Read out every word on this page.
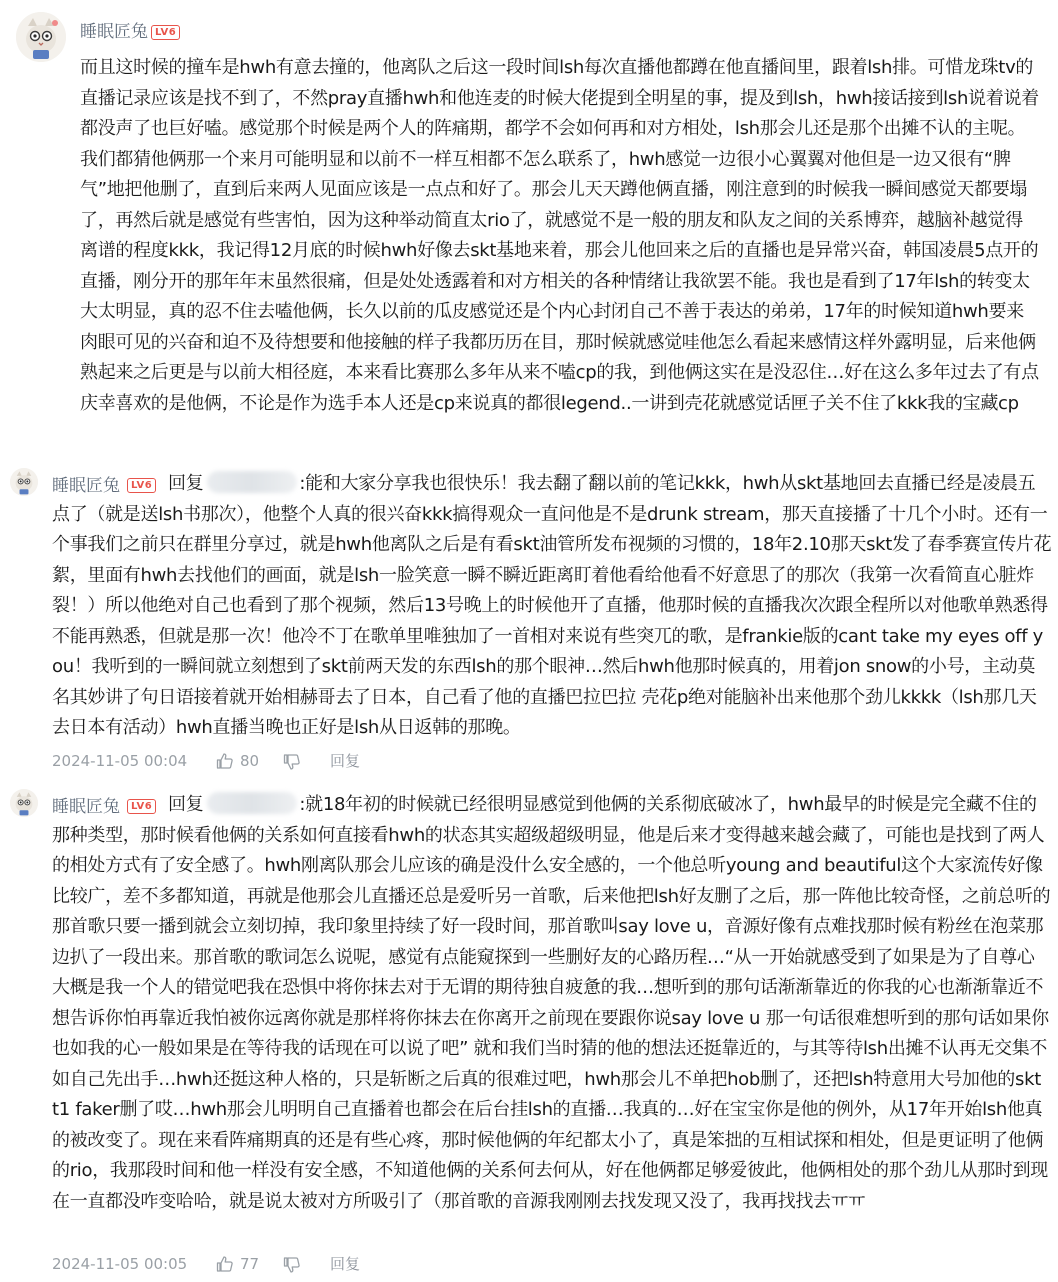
睡眠匠兔 LV6

而且这时候的撞车是hwh有意去撞的，他离队之后这一段时间lsh每次直播他都蹲在他直播间里，跟着lsh排。可惜龙珠tv的直播记录应该是找不到了，不然pray直播hwh和他连麦的时候大佬提到全明星的事，提及到lsh，hwh接话接到lsh说着说着都没声了也巨好嗑。感觉那个时候是两个人的阵痛期，都学不会如何再和对方相处，lsh那会儿还是那个出摊不认的主呢。我们都猜他俩那一个来月可能明显和以前不一样互相都不怎么联系了，hwh感觉一边很小心翼翼对他但是一边又很有“脾气”地把他删了，直到后来两人见面应该是一点点和好了。那会儿天天蹲他俩直播，刚注意到的时候我一瞬间感觉天都要塌了，再然后就是感觉有些害怕，因为这种举动简直太rio了，就感觉不是一般的朋友和队友之间的关系博弈，越脑补越觉得离谱的程度kkk，我记得12月底的时候hwh好像去skt基地来着，那会儿他回来之后的直播也是异常兴奋，韩国凌晨5点开的直播，刚分开的那年年末虽然很痛，但是处处透露着和对方相关的各种情绪让我欲罢不能。我也是看到了17年lsh的转变太大太明显，真的忍不住去嗑他俩，长久以前的瓜皮感觉还是个内心封闭自己不善于表达的弟弟，17年的时候知道hwh要来肉眼可见的兴奋和迫不及待想要和他接触的样子我都历历在目，那时候就感觉哇他怎么看起来感情这样外露明显，后来他俩熟起来之后更是与以前大相径庭，本来看比赛那么多年从来不嗑cp的我，到他俩这实在是没忍住…好在这么多年过去了有点庆幸喜欢的是他俩，不论是作为选手本人还是cp来说真的都很legend..一讲到壳花就感觉话匣子关不住了kkk我的宝藏cp

睡眠匠兔	LV6 回复	:能和大家分享我也很快乐！我去翻了翻以前的笔记kkk，hwh从skt基地回去直播已经是凌晨五点了（就是送lsh书那次），他整个人真的很兴奋kkk搞得观众一直问他是不是drunk stream，那天直接播了十几个小时。还有一个事我们之前只在群里分享过，就是hwh他离队之后是有看skt油管所发布视频的习惯的，18年2.10那天skt发了春季赛宣传片花絮，里面有hwh去找他们的画面，就是lsh一脸笑意一瞬不瞬近距离盯着他看给他看不好意思了的那次（我第一次看简直心脏炸裂！）所以他绝对自己也看到了那个视频，然后13号晚上的时候他开了直播，他那时候的直播我次次跟全程所以对他歌单熟悉得不能再熟悉，但就是那一次！他冷不丁在歌单里唯独加了一首相对来说有些突兀的歌，是frankie版的cant take my eyes off you！我听到的一瞬间就立刻想到了skt前两天发的东西lsh的那个眼神…然后hwh他那时候真的，用着jon snow的小号，主动莫名其妙讲了句日语接着就开始相赫哥去了日本，自己看了他的直播巴拉巴拉 壳花p绝对能脑补出来他那个劲儿kkkk（lsh那几天去日本有活动）hwh直播当晚也正好是lsh从日返韩的那晚。
2024-11-05 00:04	80	回复
睡眠匠兔	LV6 回复	:就18年初的时候就已经很明显感觉到他俩的关系彻底破冰了，hwh最早的时候是完全藏不住的那种类型，那时候看他俩的关系如何直接看hwh的状态其实超级超级明显，他是后来才变得越来越会藏了，可能也是找到了两人的相处方式有了安全感了。hwh刚离队那会儿应该的确是没什么安全感的，一个他总听young and beautiful这个大家流传好像比较广，差不多都知道，再就是他那会儿直播还总是爱听另一首歌，后来他把lsh好友删了之后，那一阵他比较奇怪，之前总听的那首歌只要一播到就会立刻切掉，我印象里持续了好一段时间，那首歌叫say love u，音源好像有点难找那时候有粉丝在泡菜那边扒了一段出来。那首歌的歌词怎么说呢，感觉有点能窥探到一些删好友的心路历程…“从一开始就感受到了如果是为了自尊心大概是我一个人的错觉吧我在恐惧中将你抹去对于无谓的期待独自疲惫的我…想听到的那句话渐渐靠近的你我的心也渐渐靠近不想告诉你怕再靠近我怕被你远离你就是那样将你抹去在你离开之前现在要跟你说say love u 那一句话很难想听到的那句话如果你也如我的心一般如果是在等待我的话现在可以说了吧” 就和我们当时猜的他的想法还挺靠近的，与其等待lsh出摊不认再无交集不如自己先出手…hwh还挺这种人格的，只是斩断之后真的很难过吧，hwh那会儿不单把hob删了，还把lsh特意用大号加他的skt t1 faker删了哎…hwh那会儿明明自己直播着也都会在后台挂lsh的直播…我真的…好在宝宝你是他的例外，从17年开始lsh他真的被改变了。现在来看阵痛期真的还是有些心疼，那时候他俩的年纪都太小了，真是笨拙的互相试探和相处，但是更证明了他俩的rio，我那段时间和他一样没有安全感，不知道他俩的关系何去何从，好在他俩都足够爱彼此，他俩相处的那个劲儿从那时到现在一直都没咋变哈哈，就是说太被对方所吸引了（那首歌的音源我刚刚去找发现又没了，我再找找去ㅠㅠ
2024-11-05 00:05	77	回复
